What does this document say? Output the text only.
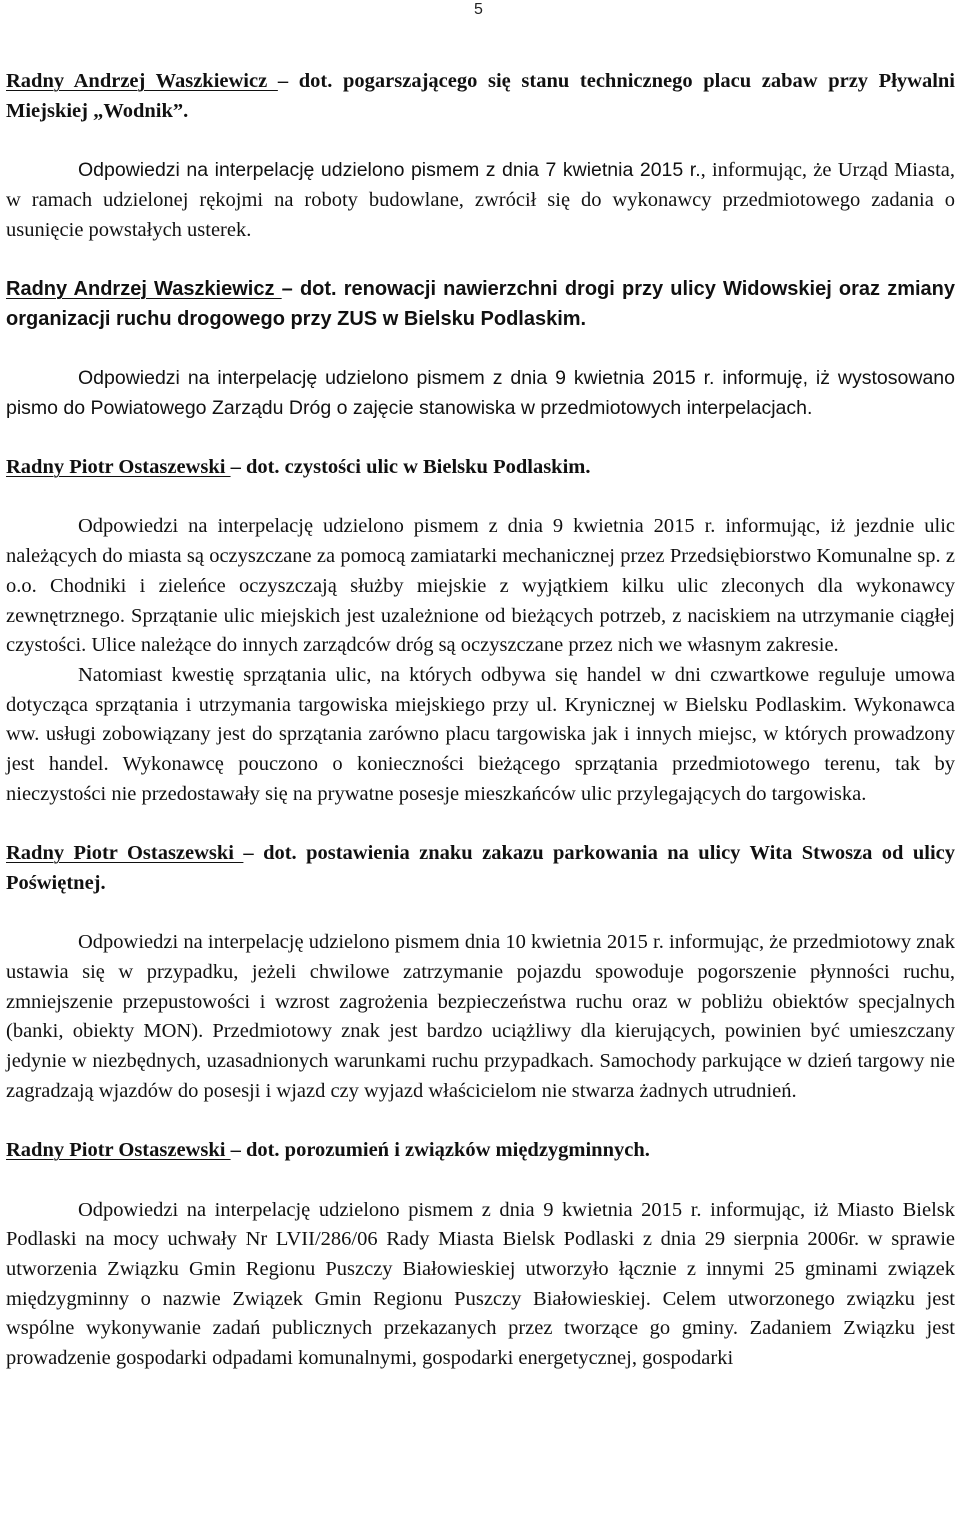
5

Radny Andrzej Waszkiewicz – dot. pogarszającego się stanu technicznego placu zabaw przy Pływalni Miejskiej „Wodnik”.

Odpowiedzi na interpelację udzielono pismem z dnia 7 kwietnia 2015 r., informując, że Urząd Miasta, w ramach udzielonej rękojmi na roboty budowlane, zwrócił się do wykonawcy przedmiotowego zadania o usunięcie powstałych usterek.

Radny Andrzej Waszkiewicz – dot. renowacji nawierzchni drogi przy ulicy Widowskiej oraz zmiany organizacji ruchu drogowego przy ZUS w Bielsku Podlaskim.

Odpowiedzi na interpelację udzielono pismem z dnia 9 kwietnia 2015 r. informuję, iż wystosowano pismo do Powiatowego Zarządu Dróg o zajęcie stanowiska w przedmiotowych interpelacjach.

Radny Piotr Ostaszewski – dot. czystości ulic w Bielsku Podlaskim.

Odpowiedzi na interpelację udzielono pismem z dnia 9 kwietnia 2015 r. informując, iż jezdnie ulic należących do miasta są oczyszczane za pomocą zamiatarki mechanicznej przez Przedsiębiorstwo Komunalne sp. z o.o. Chodniki i zieleńce oczyszczają służby miejskie z wyjątkiem kilku ulic zleconych dla wykonawcy zewnętrznego. Sprzątanie ulic miejskich jest uzależnione od bieżących potrzeb, z naciskiem na utrzymanie ciągłej czystości. Ulice należące do innych zarządców dróg są oczyszczane przez nich we własnym zakresie.

Natomiast kwestię sprzątania ulic, na których odbywa się handel w dni czwartkowe reguluje umowa dotycząca sprzątania i utrzymania targowiska miejskiego przy ul. Krynicznej w Bielsku Podlaskim. Wykonawca ww. usługi zobowiązany jest do sprzątania zarówno placu targowiska jak i innych miejsc, w których prowadzony jest handel. Wykonawcę pouczono o konieczności bieżącego sprzątania przedmiotowego terenu, tak by nieczystości nie przedostawały się na prywatne posesje mieszkańców ulic przylegających do targowiska.

Radny Piotr Ostaszewski – dot. postawienia znaku zakazu parkowania na ulicy Wita Stwosza od ulicy Poświętnej.

Odpowiedzi na interpelację udzielono pismem dnia 10 kwietnia 2015 r. informując, że przedmiotowy znak ustawia się w przypadku, jeżeli chwilowe zatrzymanie pojazdu spowoduje pogorszenie płynności ruchu, zmniejszenie przepustowości i wzrost zagrożenia bezpieczeństwa ruchu oraz w pobliżu obiektów specjalnych (banki, obiekty MON). Przedmiotowy znak jest bardzo uciążliwy dla kierujących, powinien być umieszczany jedynie w niezbędnych, uzasadnionych warunkami ruchu przypadkach. Samochody parkujące w dzień targowy nie zagradzają wjazdów do posesji i wjazd czy wyjazd właścicielom nie stwarza żadnych utrudnień.

Radny Piotr Ostaszewski – dot. porozumień i związków międzygminnych.

Odpowiedzi na interpelację udzielono pismem z dnia 9 kwietnia 2015 r. informując, iż Miasto Bielsk Podlaski na mocy uchwały Nr LVII/286/06 Rady Miasta Bielsk Podlaski z dnia 29 sierpnia 2006r. w sprawie utworzenia Związku Gmin Regionu Puszczy Białowieskiej utworzyło łącznie z innymi 25 gminami związek międzygminny o nazwie Związek Gmin Regionu Puszczy Białowieskiej. Celem utworzonego związku jest wspólne wykonywanie zadań publicznych przekazanych przez tworzące go gminy. Zadaniem Związku jest prowadzenie gospodarki odpadami komunalnymi, gospodarki energetycznej, gospodarki
